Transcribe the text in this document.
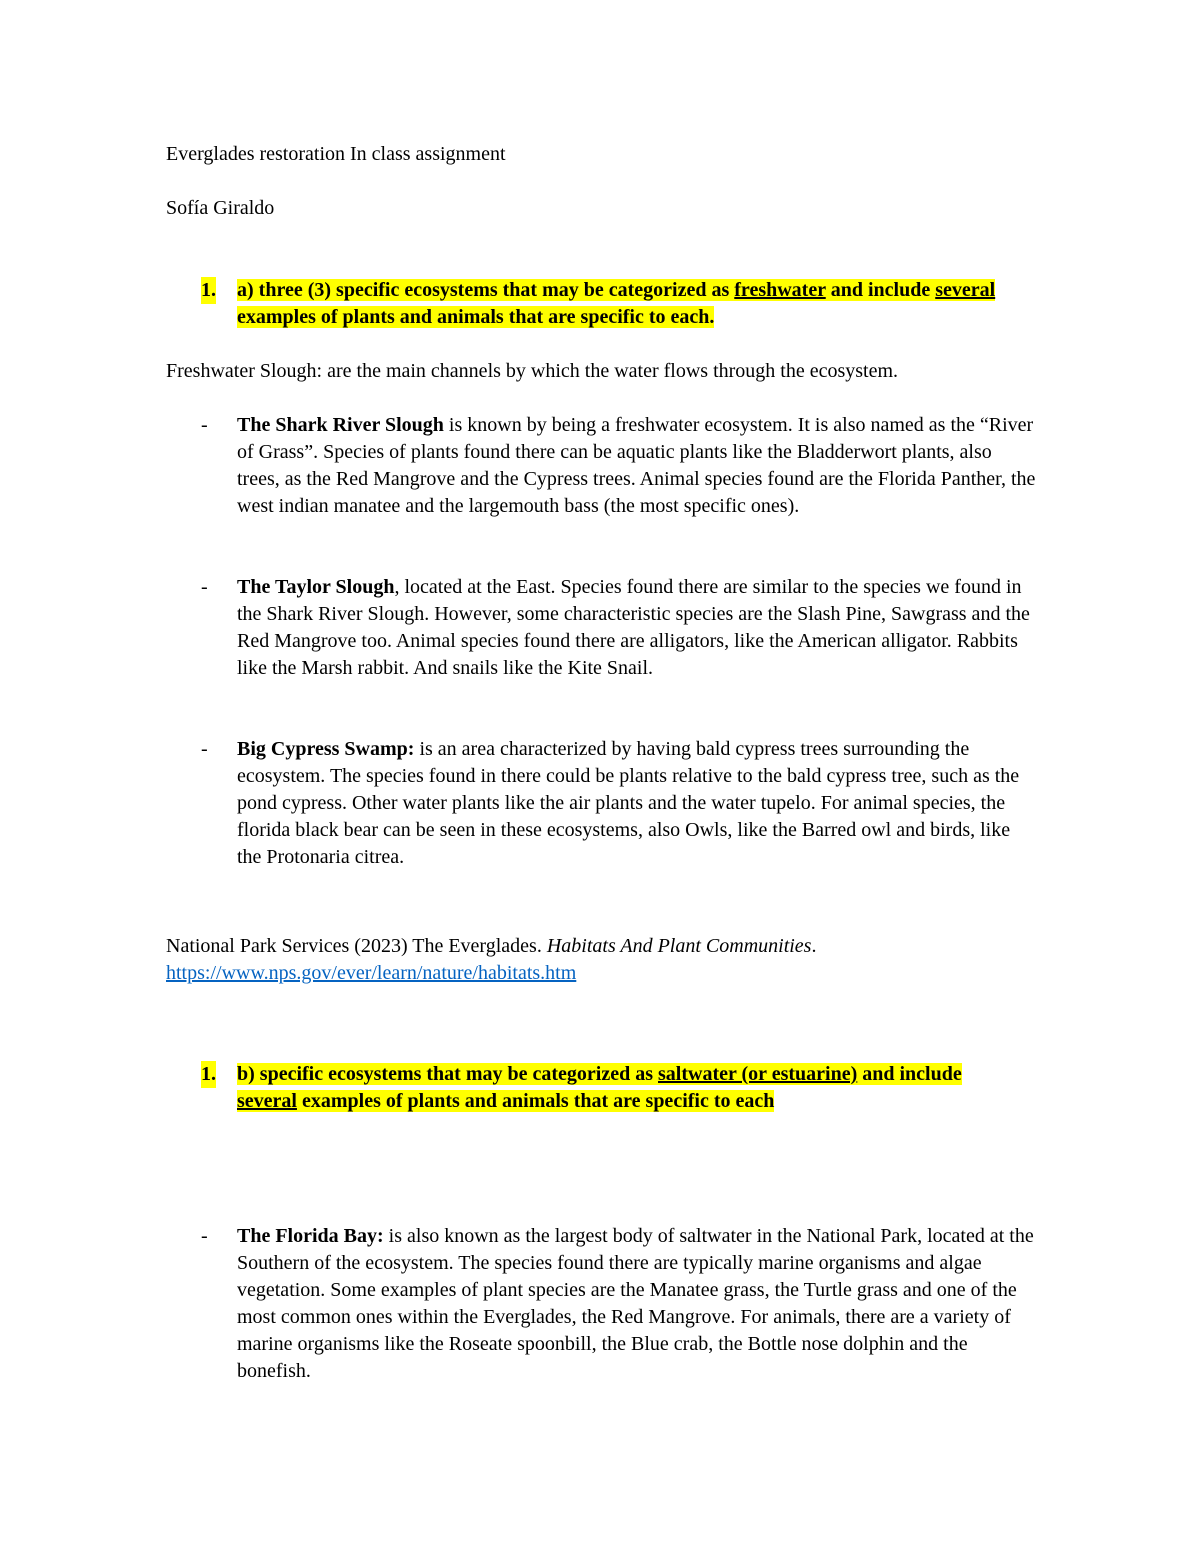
Everglades restoration In class assignment

Sofía Giraldo

1. a) three (3) specific ecosystems that may be categorized as freshwater and include several examples of plants and animals that are specific to each.

Freshwater Slough: are the main channels by which the water flows through the ecosystem.

- The Shark River Slough is known by being a freshwater ecosystem. It is also named as the “River of Grass”. Species of plants found there can be aquatic plants like the Bladderwort plants, also trees, as the Red Mangrove and the Cypress trees. Animal species found are the Florida Panther, the west indian manatee and the largemouth bass (the most specific ones).
- The Taylor Slough, located at the East. Species found there are similar to the species we found in the Shark River Slough. However, some characteristic species are the Slash Pine, Sawgrass and the Red Mangrove too. Animal species found there are alligators, like the American alligator. Rabbits like the Marsh rabbit. And snails like the Kite Snail.
- Big Cypress Swamp: is an area characterized by having bald cypress trees surrounding the ecosystem. The species found in there could be plants relative to the bald cypress tree, such as the pond cypress. Other water plants like the air plants and the water tupelo. For animal species, the florida black bear can be seen in these ecosystems, also Owls, like the Barred owl and birds, like the Protonaria citrea.
National Park Services (2023) The Everglades. Habitats And Plant Communities.
https://www.nps.gov/ever/learn/nature/habitats.htm
1. b) specific ecosystems that may be categorized as saltwater (or estuarine) and include several examples of plants and animals that are specific to each
- The Florida Bay: is also known as the largest body of saltwater in the National Park, located at the Southern of the ecosystem. The species found there are typically marine organisms and algae vegetation. Some examples of plant species are the Manatee grass, the Turtle grass and one of the most common ones within the Everglades, the Red Mangrove. For animals, there are a variety of marine organisms like the Roseate spoonbill, the Blue crab, the Bottle nose dolphin and the bonefish.
